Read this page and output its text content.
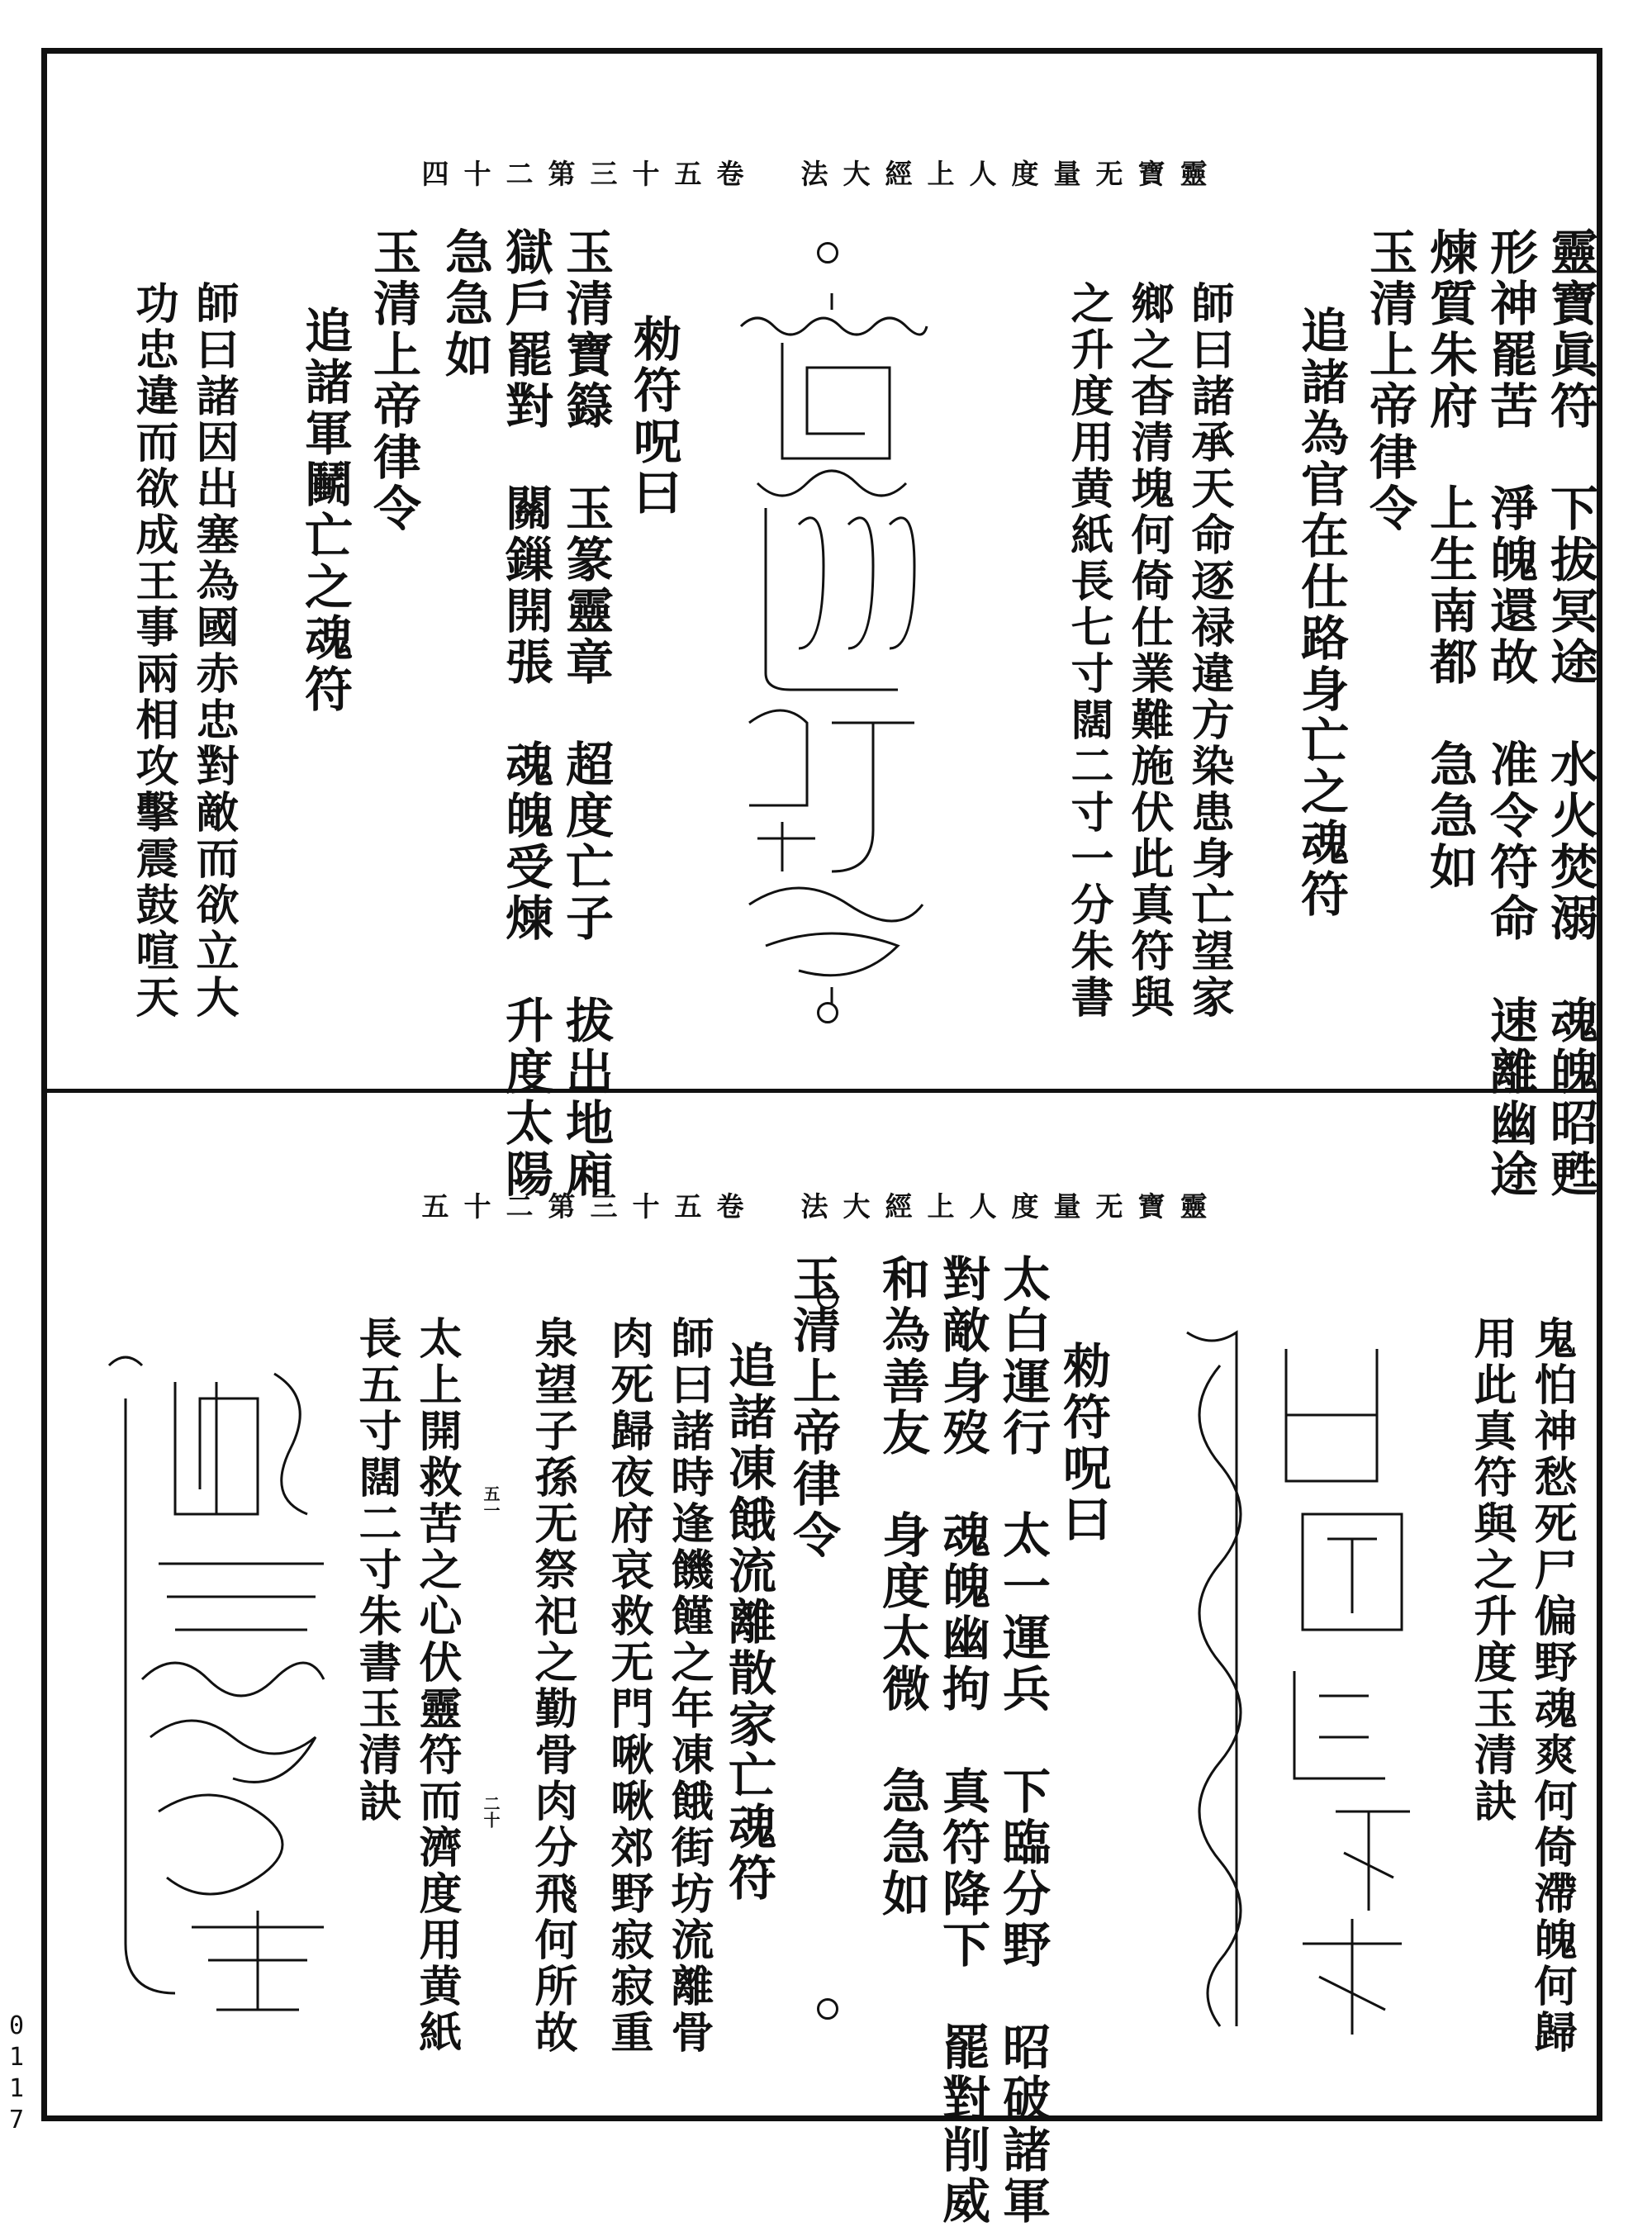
四十二第三十五卷　法大經上人度量无寶靈
靈寶眞符　下拔冥途　水火焚溺　魂魄昭甦
形神罷苦　淨魄還故　准令符命　速離幽途
煉質朱府　上生南都　急急如
玉清上帝律令
追諸為官在仕路身亡之魂符
師曰諸承天命逐禄違方染患身亡望家
鄉之杳清塊何倚仕業難施伏此真符與
之升度用黄紙長七寸闊二寸一分朱書
勑符呪曰
玉清寶籙　玉篆靈章　超度亡子　拔出地廂
獄戶罷對　關鏁開張　魂魄受煉　升度太陽
急急如
玉清上帝律令
追諸軍鬭亡之魂符
師曰諸因出塞為國赤忠對敵而欲立大
功忠違而欲成王事兩相攻擊震鼓喧天
五十二第三十五卷　法大經上人度量无寶靈
鬼怕神愁死尸偏野魂爽何倚滯魄何歸
用此真符與之升度玉清訣
勑符呪曰
太白運行　太一運兵　下臨分野　昭破諸軍
對敵身歿　魂魄幽拘　真符降下　罷對削威
和為善友　身度太微　急急如
玉清上帝律令
追諸凍餓流離散家亡魂符
師曰諸時逢饑饉之年凍餓街坊流離骨
肉死歸夜府哀救无門啾啾郊野寂寂重
泉望子孫无祭祀之勤骨肉分飛何所故
太上開救苦之心伏靈符而濟度用黄紙
長五寸闊二寸朱書玉清訣	五一
二十
0
1
1
7
